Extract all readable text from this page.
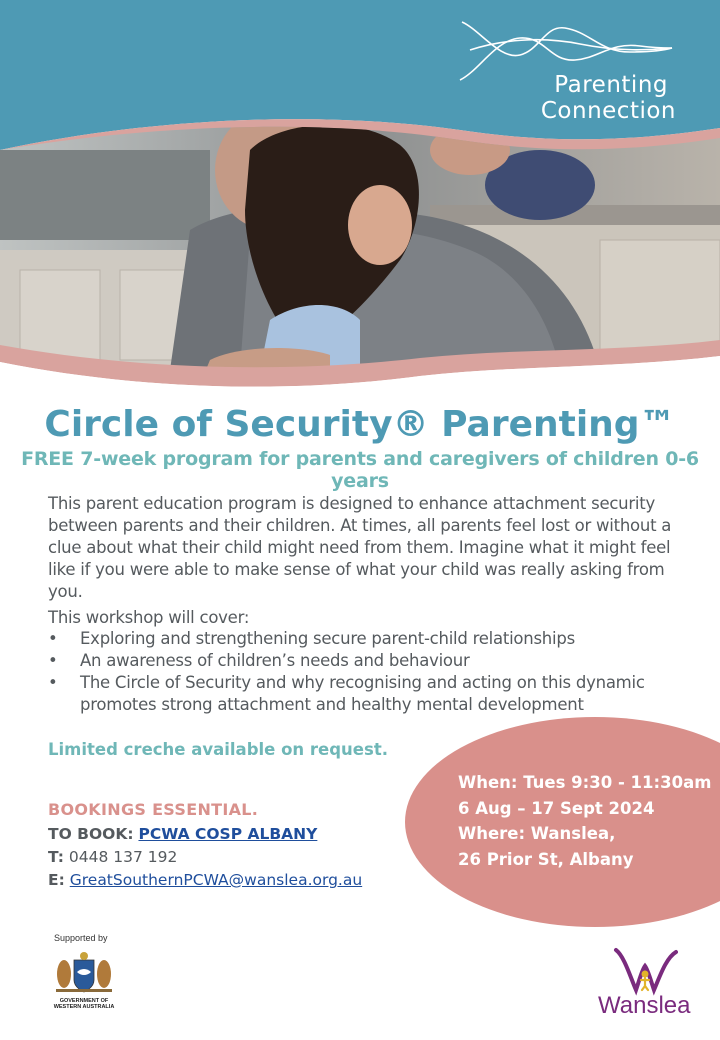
Parenting
Connection
Circle of Security® Parenting™
FREE 7-week program for parents and caregivers of children 0-6 years
This parent education program is designed to enhance attachment security between parents and their children. At times, all parents feel lost or without a clue about what their child might need from them. Imagine what it might feel like if you were able to make sense of what your child was really asking from you.
This workshop will cover:
• Exploring and strengthening secure parent-child relationships
• An awareness of children’s needs and behaviour
• The Circle of Security and why recognising and acting on this dynamic promotes strong attachment and healthy mental development
Limited creche available on request.
When: Tues 9:30 - 11:30am
6 Aug – 17 Sept 2024
Where: Wanslea,
26 Prior St, Albany
BOOKINGS ESSENTIAL.
TO BOOK: PCWA COSP ALBANY
T: 0448 137 192
E: GreatSouthernPCWA@wanslea.org.au
Supported by
GOVERNMENT OF
WESTERN AUSTRALIA	Wanslea
